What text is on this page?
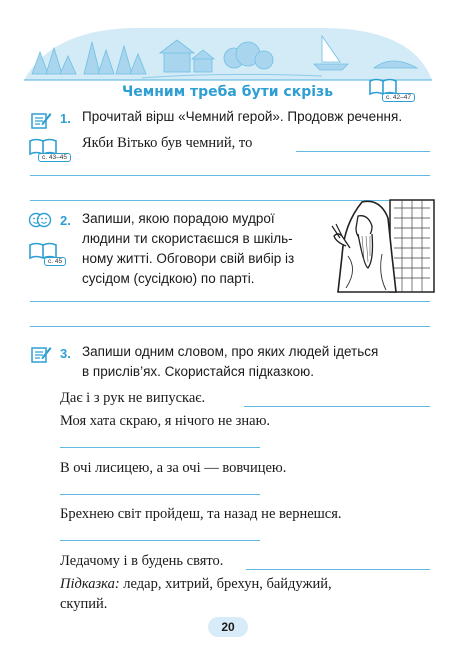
Чемним треба бути скрізь	с. 42–47
1. Прочитай вірш «Чемний герой». Продовж речення.
с. 43–45
Якби Вітько був чемний, то
2. Запиши, якою порадою мудрої
людини ти скористаєшся в шкіль-
ному житті. Обговори свій вибір із
сусідом (сусідкою) по парті.
с. 45
3. Запиши одним словом, про яких людей ідеться
в прислів’ях. Скористайся підказкою.
Дає і з рук не випускає.
Моя хата скраю, я нічого не знаю.
В очі лисицею, а за очі — вовчицею.
Брехнею світ пройдеш, та назад не вернешся.
Ледачому і в будень свято.
Підказка: ледар, хитрий, брехун, байдужий,
скупий.
20
